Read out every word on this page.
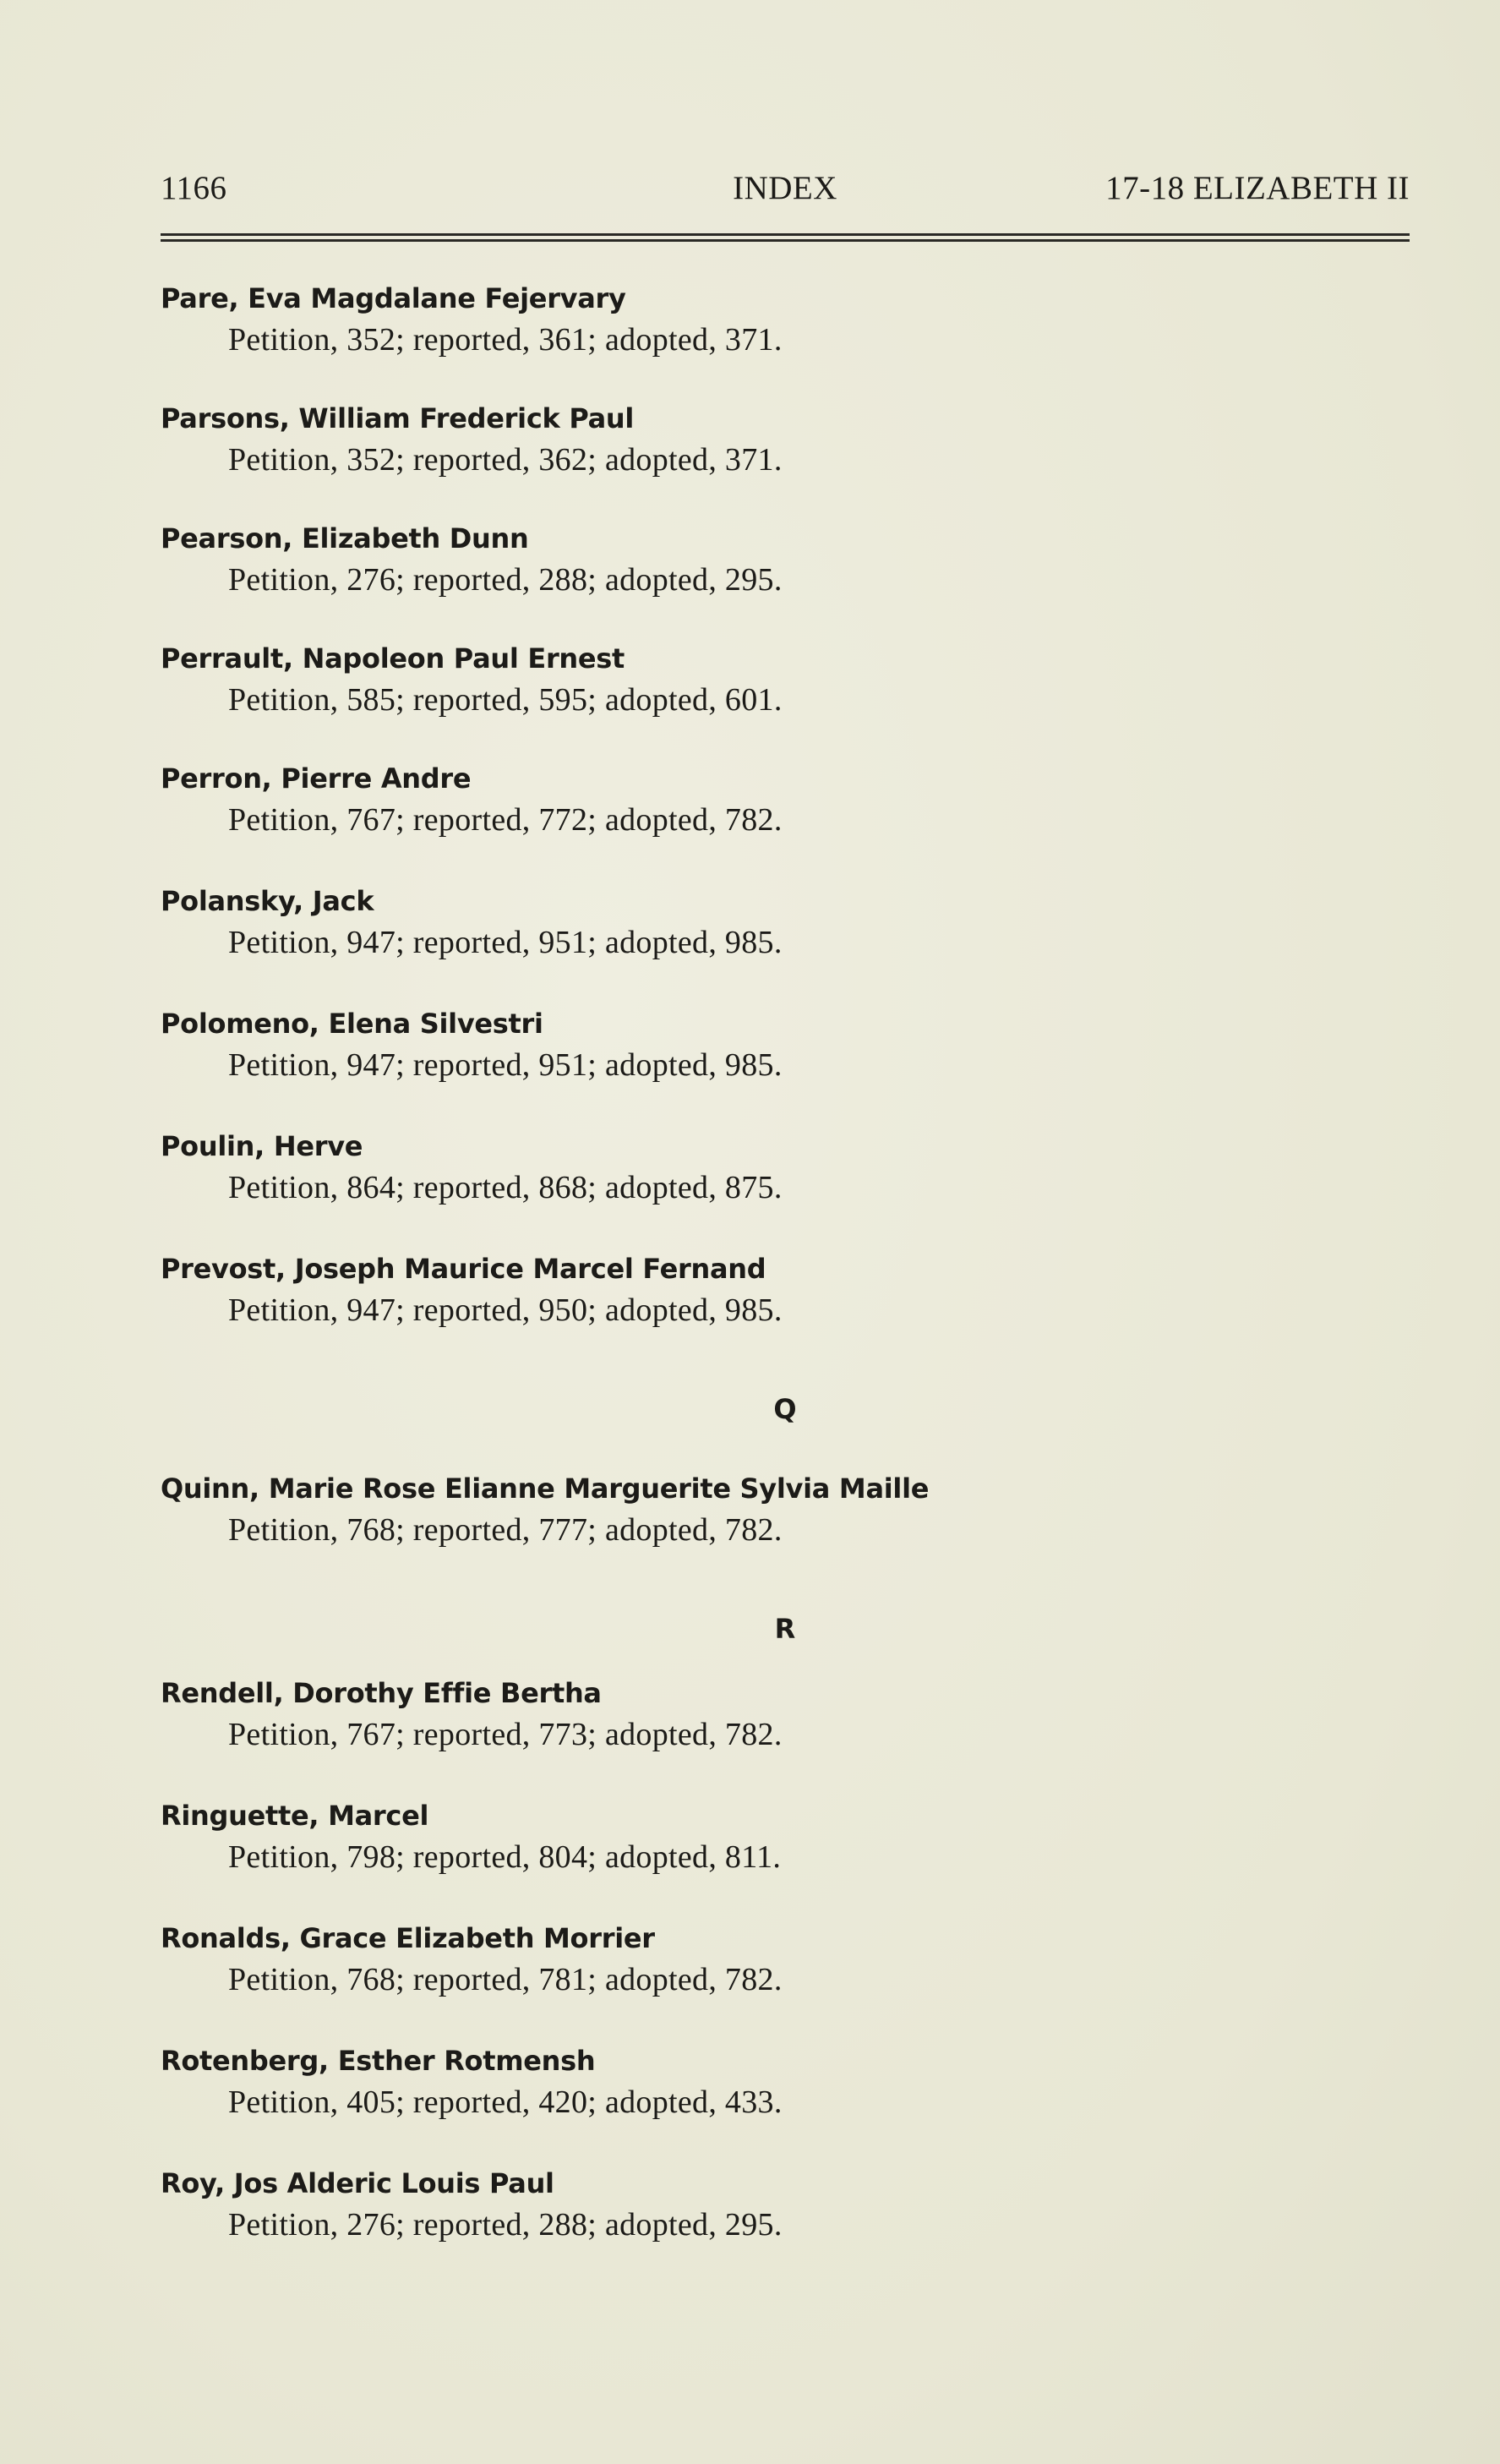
1166	INDEX	17-18 ELIZABETH II
Pare, Eva Magdalane Fejervary
Petition, 352; reported, 361; adopted, 371.
Parsons, William Frederick Paul
Petition, 352; reported, 362; adopted, 371.
Pearson, Elizabeth Dunn
Petition, 276; reported, 288; adopted, 295.
Perrault, Napoleon Paul Ernest
Petition, 585; reported, 595; adopted, 601.
Perron, Pierre Andre
Petition, 767; reported, 772; adopted, 782.
Polansky, Jack
Petition, 947; reported, 951; adopted, 985.
Polomeno, Elena Silvestri
Petition, 947; reported, 951; adopted, 985.
Poulin, Herve
Petition, 864; reported, 868; adopted, 875.
Prevost, Joseph Maurice Marcel Fernand
Petition, 947; reported, 950; adopted, 985.
Q
Quinn, Marie Rose Elianne Marguerite Sylvia Maille
Petition, 768; reported, 777; adopted, 782.
R
Rendell, Dorothy Effie Bertha
Petition, 767; reported, 773; adopted, 782.
Ringuette, Marcel
Petition, 798; reported, 804; adopted, 811.
Ronalds, Grace Elizabeth Morrier
Petition, 768; reported, 781; adopted, 782.
Rotenberg, Esther Rotmensh
Petition, 405; reported, 420; adopted, 433.
Roy, Jos Alderic Louis Paul
Petition, 276; reported, 288; adopted, 295.
